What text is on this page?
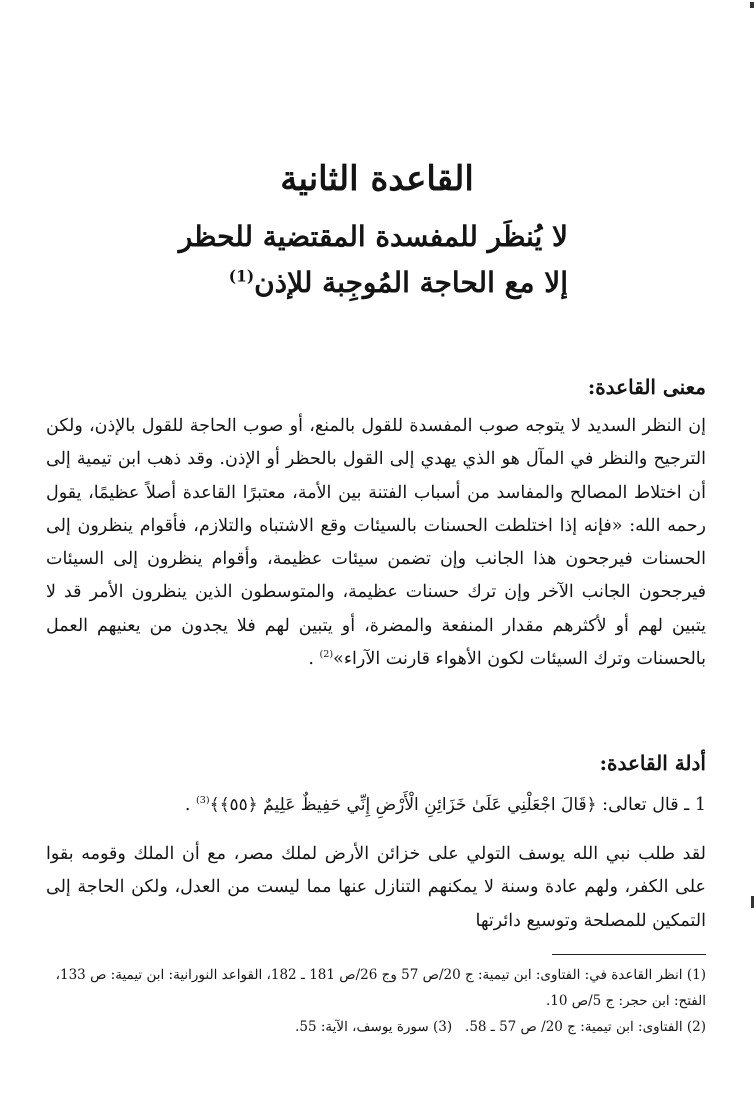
القاعدة الثانية
لا يُنظَر للمفسدة المقتضية للحظر
إلا مع الحاجة المُوجِبة للإذن$^{(1)}$
معنى القاعدة:

إن النظر السديد لا يتوجه صوب المفسدة للقول بالمنع، أو صوب الحاجة للقول بالإذن، ولكن الترجيح والنظر في المآل هو الذي يهدي إلى القول بالحظر أو الإذن. وقد ذهب ابن تيمية إلى أن اختلاط المصالح والمفاسد من أسباب الفتنة بين الأمة، معتبرًا القاعدة أصلاً عظيمًا، يقول رحمه الله: «فإنه إذا اختلطت الحسنات بالسيئات وقع الاشتباه والتلازم، فأقوام ينظرون إلى الحسنات فيرجحون هذا الجانب وإن تضمن سيئات عظيمة، وأقوام ينظرون إلى السيئات فيرجحون الجانب الآخر وإن ترك حسنات عظيمة، والمتوسطون الذين ينظرون الأمر قد لا يتبين لهم أو لأكثرهم مقدار المنفعة والمضرة، أو يتبين لهم فلا يجدون من يعنيهم العمل بالحسنات وترك السيئات لكون الأهواء قارنت الآراء»$^{(2)}$ .

أدلة القاعدة:

1 ـ قال تعالى: ﴿قَالَ اجْعَلْنِي عَلَىٰ خَزَائِنِ الْأَرْضِ إِنِّي حَفِيظٌ عَلِيمٌ ﴿٥٥﴾﴾$^{(3)}$ .

لقد طلب نبي الله يوسف التولي على خزائن الأرض لملك مصر، مع أن الملك وقومه بقوا على الكفر، ولهم عادة وسنة لا يمكنهم التنازل عنها مما ليست من العدل، ولكن الحاجة إلى التمكين للمصلحة وتوسيع دائرتها

(1) انظر القاعدة في: الفتاوى: ابن تيمية: ج 20/ص 57 وج 26/ص 181 ـ 182، القواعد النورانية: ابن تيمية: ص 133، الفتح: ابن حجر: ج 5/ص 10.

(2) الفتاوى: ابن تيمية: ج 20/ ص 57 ـ 58.   (3) سورة يوسف، الآية: 55.
